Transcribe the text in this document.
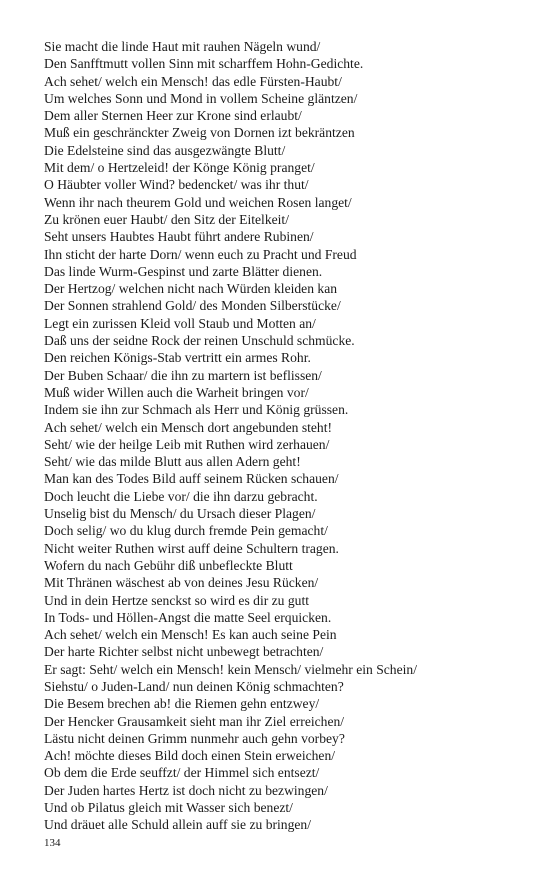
Sie macht die linde Haut mit rauhen Nägeln wund/
Den Sanfftmutt vollen Sinn mit scharffem Hohn-Gedichte.
Ach sehet/ welch ein Mensch! das edle Fürsten-Haubt/
Um welches Sonn und Mond in vollem Scheine gläntzen/
Dem aller Sternen Heer zur Krone sind erlaubt/
Muß ein geschränckter Zweig von Dornen izt bekräntzen
Die Edelsteine sind das ausgezwängte Blutt/
Mit dem/ o Hertzeleid! der Könge König pranget/
O Häubter voller Wind? bedencket/ was ihr thut/
Wenn ihr nach theurem Gold und weichen Rosen langet/
Zu krönen euer Haubt/ den Sitz der Eitelkeit/
Seht unsers Haubtes Haubt führt andere Rubinen/
Ihn sticht der harte Dorn/ wenn euch zu Pracht und Freud
Das linde Wurm-Gespinst und zarte Blätter dienen.
Der Hertzog/ welchen nicht nach Würden kleiden kan
Der Sonnen strahlend Gold/ des Monden Silberstücke/
Legt ein zurissen Kleid voll Staub und Motten an/
Daß uns der seidne Rock der reinen Unschuld schmücke.
Den reichen Königs-Stab vertritt ein armes Rohr.
Der Buben Schaar/ die ihn zu martern ist beflissen/
Muß wider Willen auch die Warheit bringen vor/
Indem sie ihn zur Schmach als Herr und König grüssen.
Ach sehet/ welch ein Mensch dort angebunden steht!
Seht/ wie der heilge Leib mit Ruthen wird zerhauen/
Seht/ wie das milde Blutt aus allen Adern geht!
Man kan des Todes Bild auff seinem Rücken schauen/
Doch leucht die Liebe vor/ die ihn darzu gebracht.
Unselig bist du Mensch/ du Ursach dieser Plagen/
Doch selig/ wo du klug durch fremde Pein gemacht/
Nicht weiter Ruthen wirst auff deine Schultern tragen.
Wofern du nach Gebühr diß unbefleckte Blutt
Mit Thränen wäschest ab von deines Jesu Rücken/
Und in dein Hertze senckst so wird es dir zu gutt
In Tods- und Höllen-Angst die matte Seel erquicken.
Ach sehet/ welch ein Mensch! Es kan auch seine Pein
Der harte Richter selbst nicht unbewegt betrachten/
Er sagt: Seht/ welch ein Mensch! kein Mensch/ vielmehr ein Schein/
Siehstu/ o Juden-Land/ nun deinen König schmachten?
Die Besem brechen ab! die Riemen gehn entzwey/
Der Hencker Grausamkeit sieht man ihr Ziel erreichen/
Lästu nicht deinen Grimm nunmehr auch gehn vorbey?
Ach! möchte dieses Bild doch einen Stein erweichen/
Ob dem die Erde seuffzt/ der Himmel sich entsezt/
Der Juden hartes Hertz ist doch nicht zu bezwingen/
Und ob Pilatus gleich mit Wasser sich benezt/
Und dräuet alle Schuld allein auff sie zu bringen/
134
